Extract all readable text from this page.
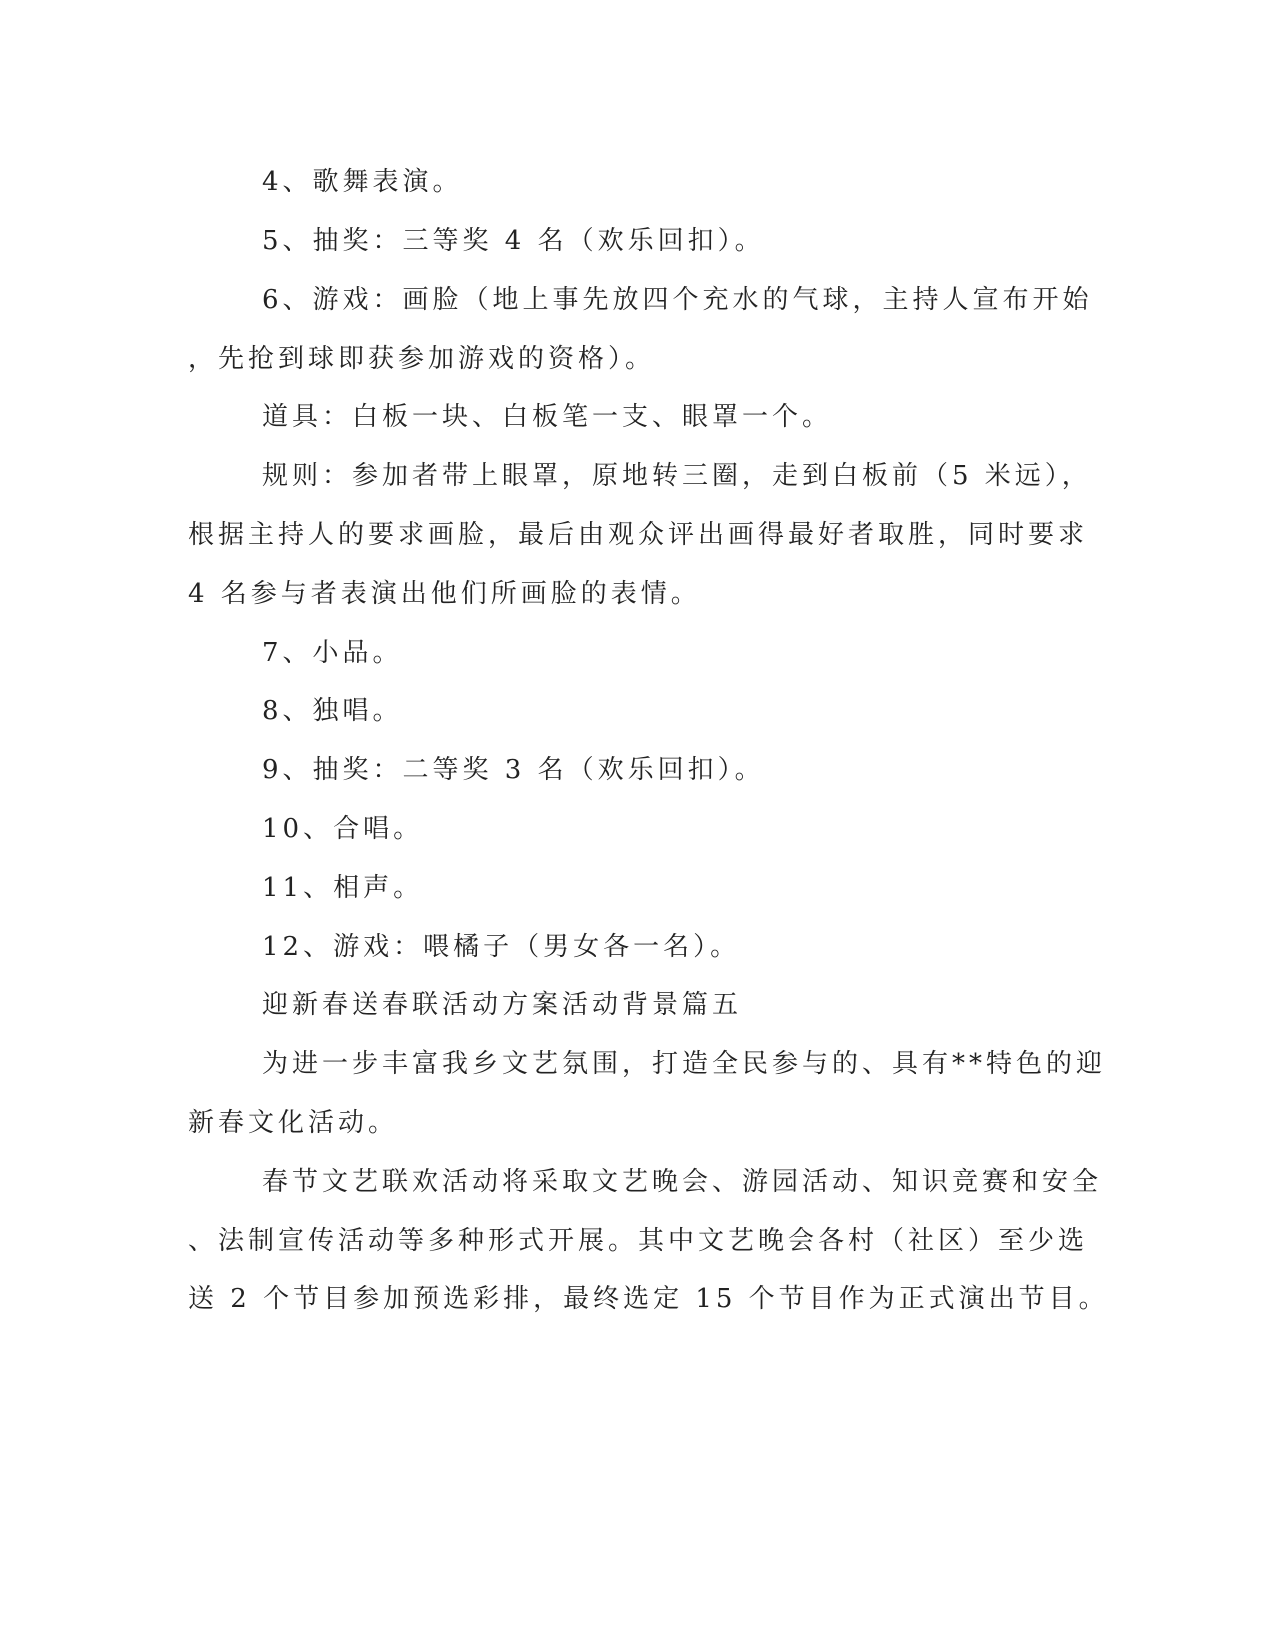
4、歌舞表演。
5、抽奖：三等奖 4 名（欢乐回扣）。
6、游戏：画脸（地上事先放四个充水的气球，主持人宣布开始
，先抢到球即获参加游戏的资格）。
道具：白板一块、白板笔一支、眼罩一个。
规则：参加者带上眼罩，原地转三圈，走到白板前（5 米远），
根据主持人的要求画脸，最后由观众评出画得最好者取胜，同时要求
4 名参与者表演出他们所画脸的表情。
7、小品。
8、独唱。
9、抽奖：二等奖 3 名（欢乐回扣）。
10、合唱。
11、相声。
12、游戏：喂橘子（男女各一名）。
迎新春送春联活动方案活动背景篇五
为进一步丰富我乡文艺氛围，打造全民参与的、具有**特色的迎
新春文化活动。
春节文艺联欢活动将采取文艺晚会、游园活动、知识竞赛和安全
、法制宣传活动等多种形式开展。其中文艺晚会各村（社区）至少选
送 2 个节目参加预选彩排，最终选定 15 个节目作为正式演出节目。
